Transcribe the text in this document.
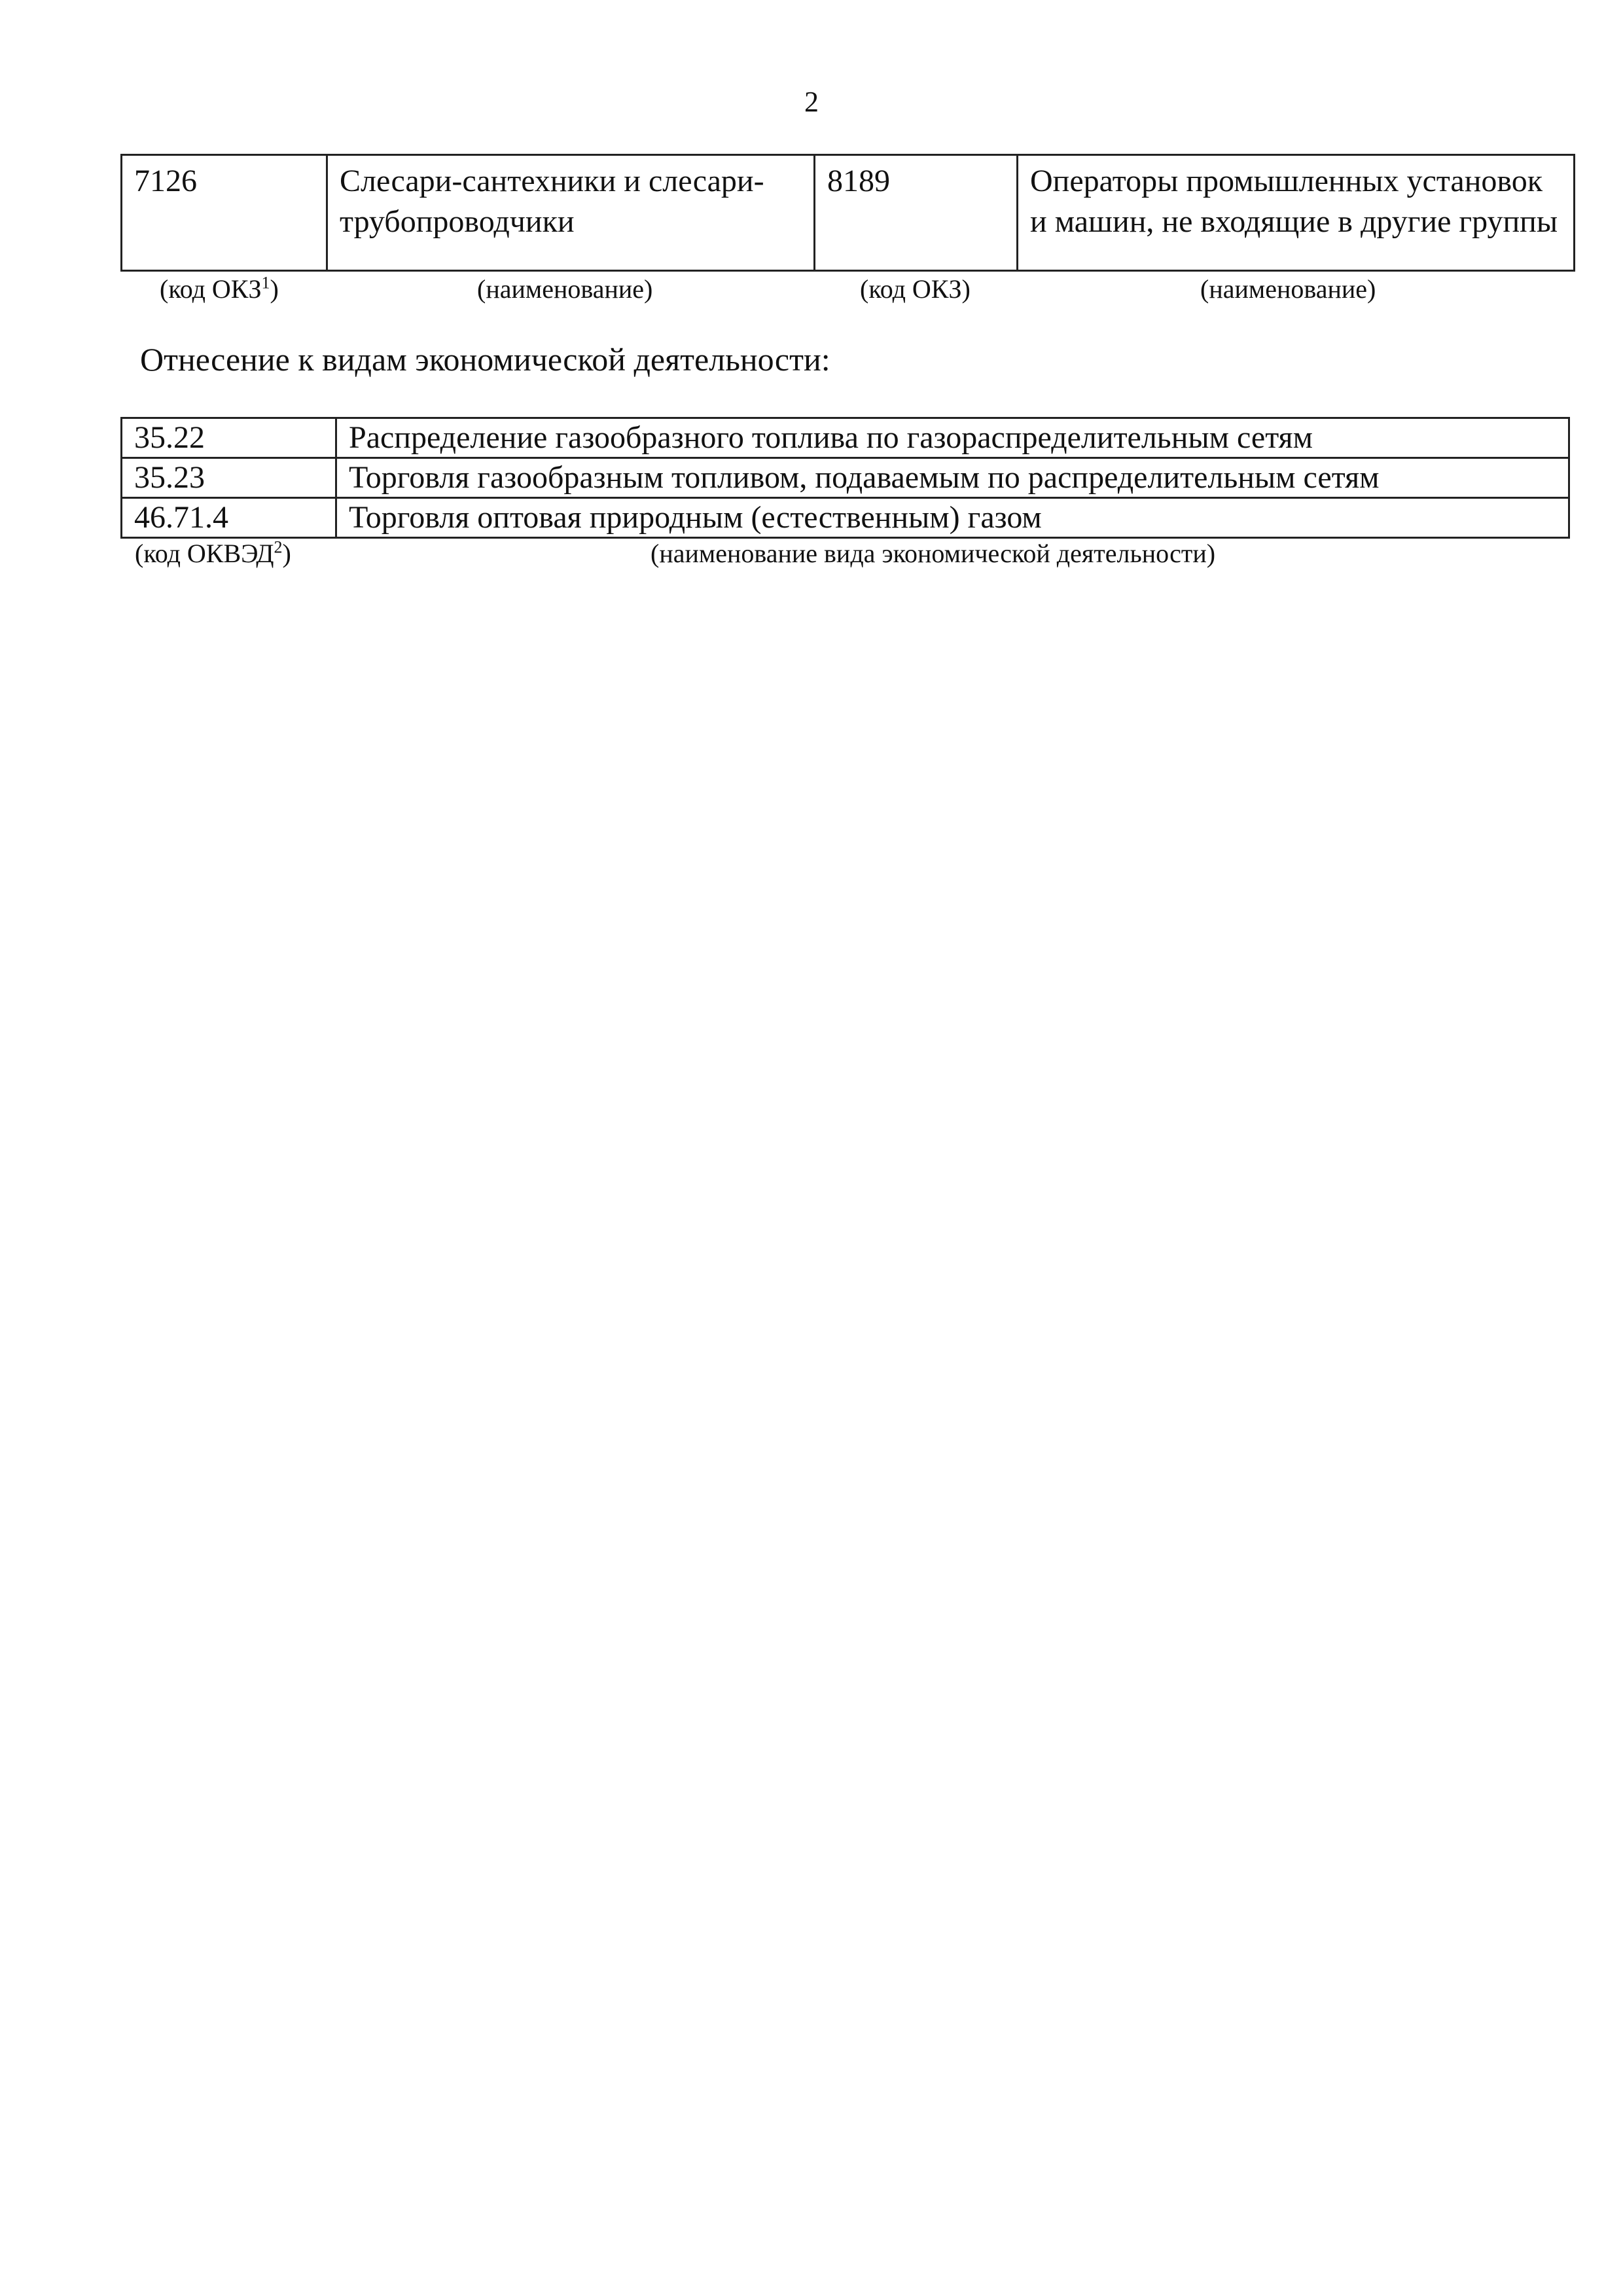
2
7126	Слесари-сантехники и слесари-трубопроводчики	8189	Операторы промышленных установок и машин, не входящие в другие группы
(код ОКЗ$^1$)	(наименование)	(код ОКЗ)	(наименование)
Отнесение к видам экономической деятельности:
35.22	Распределение газообразного топлива по газораспределительным сетям
35.23	Торговля газообразным топливом, подаваемым по распределительным сетям
46.71.4	Торговля оптовая природным (естественным) газом
(код ОКВЭД$^2$)	(наименование вида экономической деятельности)
